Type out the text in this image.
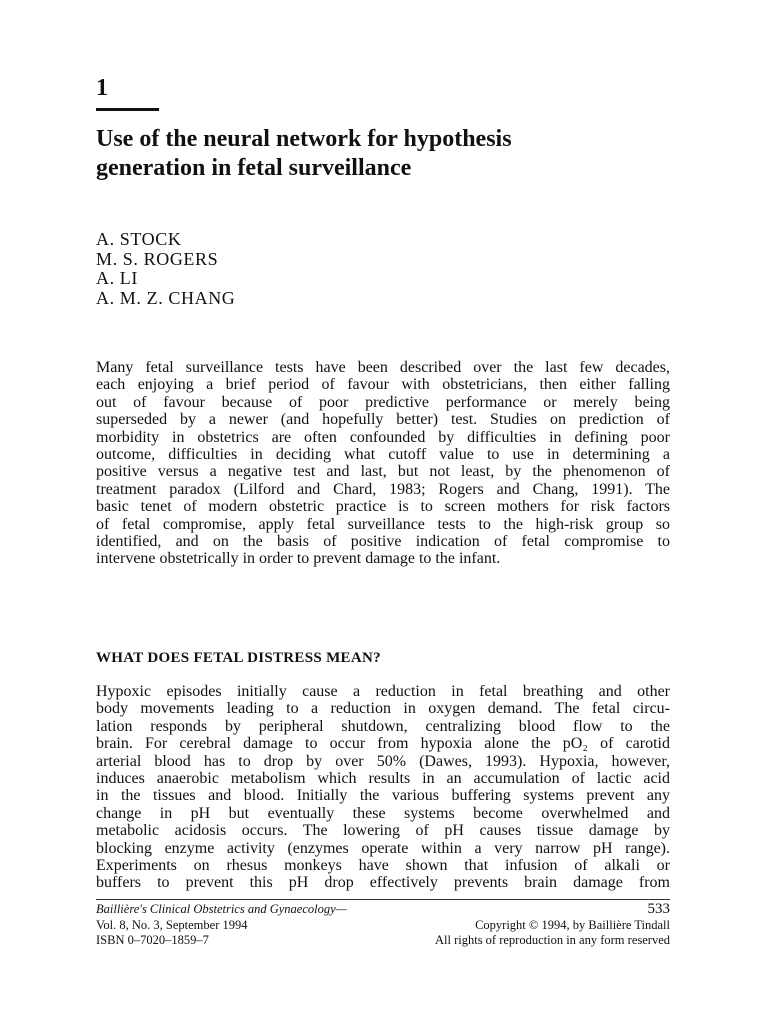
1
Use of the neural network for hypothesis
generation in fetal surveillance
A. STOCK
M. S. ROGERS
A. LI
A. M. Z. CHANG
Many fetal surveillance tests have been described over the last few decades,
each enjoying a brief period of favour with obstetricians, then either falling
out of favour because of poor predictive performance or merely being
superseded by a newer (and hopefully better) test. Studies on prediction of
morbidity in obstetrics are often confounded by difficulties in defining poor
outcome, difficulties in deciding what cutoff value to use in determining a
positive versus a negative test and last, but not least, by the phenomenon of
treatment paradox (Lilford and Chard, 1983; Rogers and Chang, 1991). The
basic tenet of modern obstetric practice is to screen mothers for risk factors
of fetal compromise, apply fetal surveillance tests to the high-risk group so
identified, and on the basis of positive indication of fetal compromise to
intervene obstetrically in order to prevent damage to the infant.
WHAT DOES FETAL DISTRESS MEAN?
Hypoxic episodes initially cause a reduction in fetal breathing and other
body movements leading to a reduction in oxygen demand. The fetal circu-
lation responds by peripheral shutdown, centralizing blood flow to the
brain. For cerebral damage to occur from hypoxia alone the pO₂ of carotid
arterial blood has to drop by over 50% (Dawes, 1993). Hypoxia, however,
induces anaerobic metabolism which results in an accumulation of lactic acid
in the tissues and blood. Initially the various buffering systems prevent any
change in pH but eventually these systems become overwhelmed and
metabolic acidosis occurs. The lowering of pH causes tissue damage by
blocking enzyme activity (enzymes operate within a very narrow pH range).
Experiments on rhesus monkeys have shown that infusion of alkali or
buffers to prevent this pH drop effectively prevents brain damage from
Baillière's Clinical Obstetrics and Gynaecology—	533
Vol. 8, No. 3, September 1994	Copyright © 1994, by Baillière Tindall
ISBN 0–7020–1859–7	All rights of reproduction in any form reserved
